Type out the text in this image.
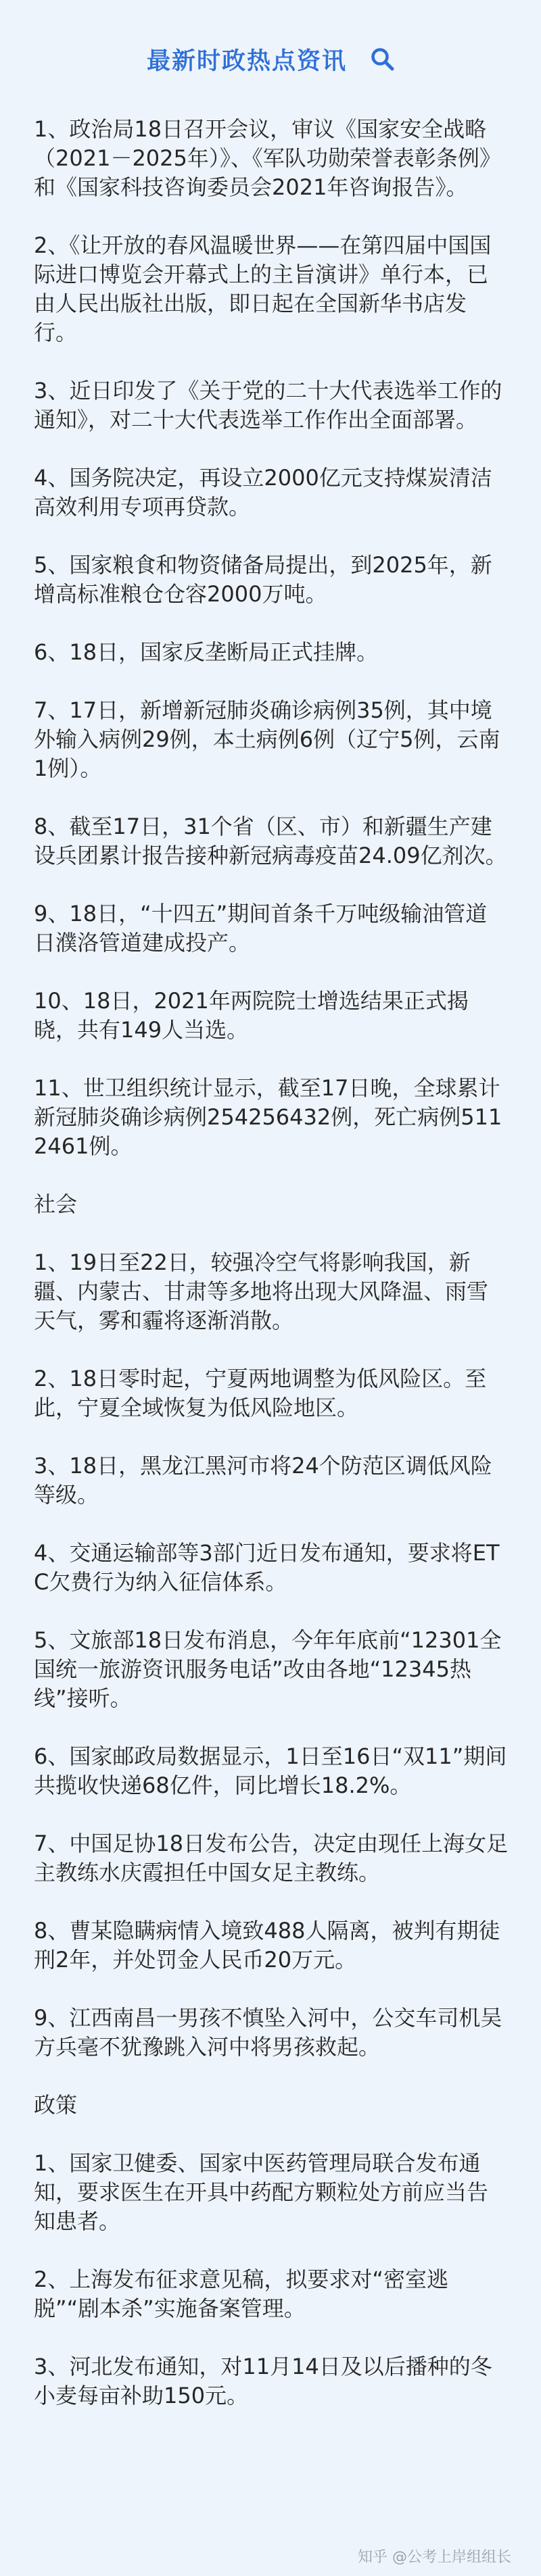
最新时政热点资讯
1、政治局18日召开会议，审议《国家安全战略（2021－2025年）》、《军队功勋荣誉表彰条例》和《国家科技咨询委员会2021年咨询报告》。
2、《让开放的春风温暖世界——在第四届中国国际进口博览会开幕式上的主旨演讲》单行本，已由人民出版社出版，即日起在全国新华书店发行。
3、近日印发了《关于党的二十大代表选举工作的通知》，对二十大代表选举工作作出全面部署。
4、国务院决定，再设立2000亿元支持煤炭清洁高效利用专项再贷款。
5、国家粮食和物资储备局提出，到2025年，新增高标准粮仓仓容2000万吨。
6、18日，国家反垄断局正式挂牌。
7、17日，新增新冠肺炎确诊病例35例，其中境外输入病例29例，本土病例6例（辽宁5例，云南1例）。
8、截至17日，31个省（区、市）和新疆生产建设兵团累计报告接种新冠病毒疫苗24.09亿剂次。
9、18日，“十四五”期间首条千万吨级输油管道日濮洛管道建成投产。
10、18日，2021年两院院士增选结果正式揭晓，共有149人当选。
11、世卫组织统计显示，截至17日晚，全球累计新冠肺炎确诊病例254256432例，死亡病例5112461例。
社会
1、19日至22日，较强冷空气将影响我国，新疆、内蒙古、甘肃等多地将出现大风降温、雨雪天气，雾和霾将逐渐消散。
2、18日零时起，宁夏两地调整为低风险区。至此，宁夏全域恢复为低风险地区。
3、18日，黑龙江黑河市将24个防范区调低风险等级。
4、交通运输部等3部门近日发布通知，要求将ETC欠费行为纳入征信体系。
5、文旅部18日发布消息，今年年底前“12301全国统一旅游资讯服务电话”改由各地“12345热线”接听。
6、国家邮政局数据显示，1日至16日“双11”期间共揽收快递68亿件，同比增长18.2%。
7、中国足协18日发布公告，决定由现任上海女足主教练水庆霞担任中国女足主教练。
8、曹某隐瞒病情入境致488人隔离，被判有期徒刑2年，并处罚金人民币20万元。
9、江西南昌一男孩不慎坠入河中，公交车司机吴方兵毫不犹豫跳入河中将男孩救起。
政策
1、国家卫健委、国家中医药管理局联合发布通知，要求医生在开具中药配方颗粒处方前应当告知患者。
2、上海发布征求意见稿，拟要求对“密室逃脱”“剧本杀”实施备案管理。
3、河北发布通知，对11月14日及以后播种的冬小麦每亩补助150元。
知乎 @公考上岸组组长
